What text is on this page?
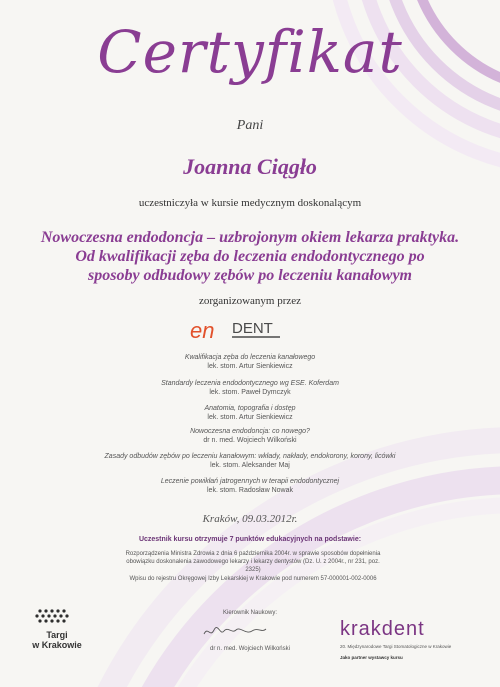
Certyfikat
Pani
Joanna Ciągło
uczestniczyła w kursie medycznym doskonalącym
Nowoczesna endodoncja – uzbrojonym okiem lekarza praktyka.
Od kwalifikacji zęba do leczenia endodontycznego po
sposoby odbudowy zębów po leczeniu kanałowym
zorganizowanym przez
en DENT
Kwalifikacja zęba do leczenia kanałowego
lek. stom. Artur Sienkiewicz
Standardy leczenia endodontycznego wg ESE. Koferdam
lek. stom. Paweł Dymczyk
Anatomia, topografia i dostęp
lek. stom. Artur Sienkiewicz
Nowoczesna endodoncja: co nowego?
dr n. med. Wojciech Wilkoński
Zasady odbudów zębów po leczeniu kanałowym: wkłady, nakłady, endokorony, korony, licówki
lek. stom. Aleksander Maj
Leczenie powikłań jatrogennych w terapii endodontycznej
lek. stom. Radosław Nowak
Kraków, 09.03.2012r.
Uczestnik kursu otrzymuje 7 punktów edukacyjnych na podstawie:
Rozporządzenia Ministra Zdrowia z dnia 6 października 2004r. w sprawie sposobów dopełnienia obowiązku doskonalenia zawodowego lekarzy i lekarzy dentystów (Dz. U. z 2004r., nr 231, poz. 2325)
Wpisu do rejestru Okręgowej Izby Lekarskiej w Krakowie pod numerem 57-000001-002-0006
Kierownik Naukowy:
dr n. med. Wojciech Wilkoński
Targi
w Krakowie
krakdent
20. Międzynarodowe Targi Stomatologiczne w Krakowie
Jako partner wystawcy kursu
